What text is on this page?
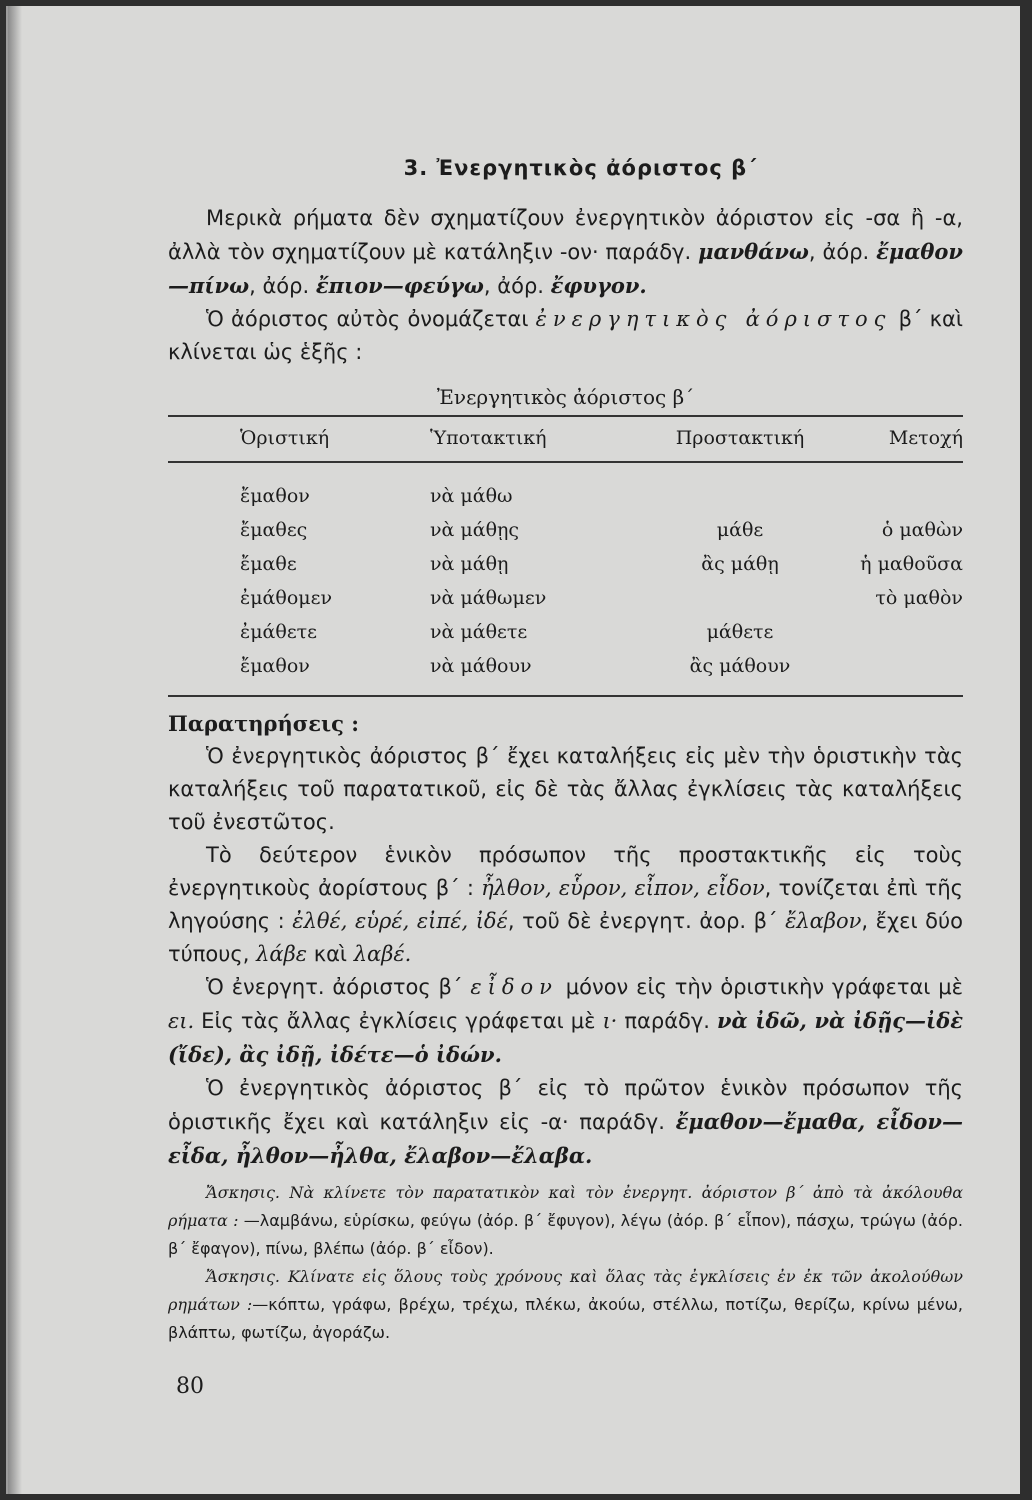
3. Ἐνεργητικὸς ἀόριστος β΄

Μερικὰ ρήματα δὲν σχηματίζουν ἐνεργητικὸν ἀόριστον εἰς -σα ἢ -α, ἀλλὰ τὸν σχηματίζουν μὲ κατάληξιν -ον· παράδγ. μανθάνω, ἀόρ. ἔμαθον—πίνω, ἀόρ. ἔπιον—φεύγω, ἀόρ. ἔφυγον.

Ὁ ἀόριστος αὐτὸς ὀνομάζεται ἐνεργητικὸς ἀόριστος β΄ καὶ κλίνεται ὡς ἑξῆς :

Ἐνεργητικὸς ἀόριστος β΄
Ὁριστική	Ὑποτακτική	Προστακτική	Μετοχή
ἔμαθον	νὰ μάθω		
ἔμαθες	νὰ μάθῃς	μάθε	ὁ μαθὼν
ἔμαθε	νὰ μάθῃ	ἂς μάθῃ	ἡ μαθοῦσα
ἐμάθομεν	νὰ μάθωμεν		τὸ μαθὸν
ἐμάθετε	νὰ μάθετε	μάθετε	
ἔμαθον	νὰ μάθουν	ἂς μάθουν	
Παρατηρήσεις :

Ὁ ἐνεργητικὸς ἀόριστος β΄ ἔχει καταλήξεις εἰς μὲν τὴν ὁριστικὴν τὰς καταλήξεις τοῦ παρατατικοῦ, εἰς δὲ τὰς ἄλλας ἐγκλίσεις τὰς καταλήξεις τοῦ ἐνεστῶτος.

Τὸ δεύτερον ἑνικὸν πρόσωπον τῆς προστακτικῆς εἰς τοὺς ἐνεργητικοὺς ἀορίστους β΄ : ἦλθον, εὗρον, εἶπον, εἶδον, τονίζεται ἐπὶ τῆς ληγούσης : ἐλθέ, εὑρέ, εἰπέ, ἰδέ, τοῦ δὲ ἐνεργητ. ἀορ. β΄ ἔλαβον, ἔχει δύο τύπους, λάβε καὶ λαβέ.

Ὁ ἐνεργητ. ἀόριστος β΄ εἶδον μόνον εἰς τὴν ὁριστικὴν γράφεται μὲ ει. Εἰς τὰς ἄλλας ἐγκλίσεις γράφεται μὲ ι· παράδγ. νὰ ἰδῶ, νὰ ἰδῇς—ἰδὲ (ἴδε), ἂς ἰδῇ, ἰδέτε—ὁ ἰδών.

Ὁ ἐνεργητικὸς ἀόριστος β΄ εἰς τὸ πρῶτον ἑνικὸν πρόσωπον τῆς ὁριστικῆς ἔχει καὶ κατάληξιν εἰς -α· παράδγ. ἔμαθον—ἔμαθα, εἶδον—εἶδα, ἦλθον—ἦλθα, ἔλαβον—ἔλαβα.

Ἄσκησις. Νὰ κλίνετε τὸν παρατατικὸν καὶ τὸν ἐνεργητ. ἀόριστον β΄ ἀπὸ τὰ ἀκόλουθα ρήματα : —λαμβάνω, εὑρίσκω, φεύγω (ἀόρ. β΄ ἔφυγον), λέγω (ἀόρ. β΄ εἶπον), πάσχω, τρώγω (ἀόρ. β΄ ἔφαγον), πίνω, βλέπω (ἀόρ. β΄ εἶδον).

Ἄσκησις. Κλίνατε εἰς ὅλους τοὺς χρόνους καὶ ὅλας τὰς ἐγκλίσεις ἐν ἐκ τῶν ἀκολούθων ρημάτων :—κόπτω, γράφω, βρέχω, τρέχω, πλέκω, ἀκούω, στέλλω, ποτίζω, θερίζω, κρίνω μένω, βλάπτω, φωτίζω, ἀγοράζω.

80
